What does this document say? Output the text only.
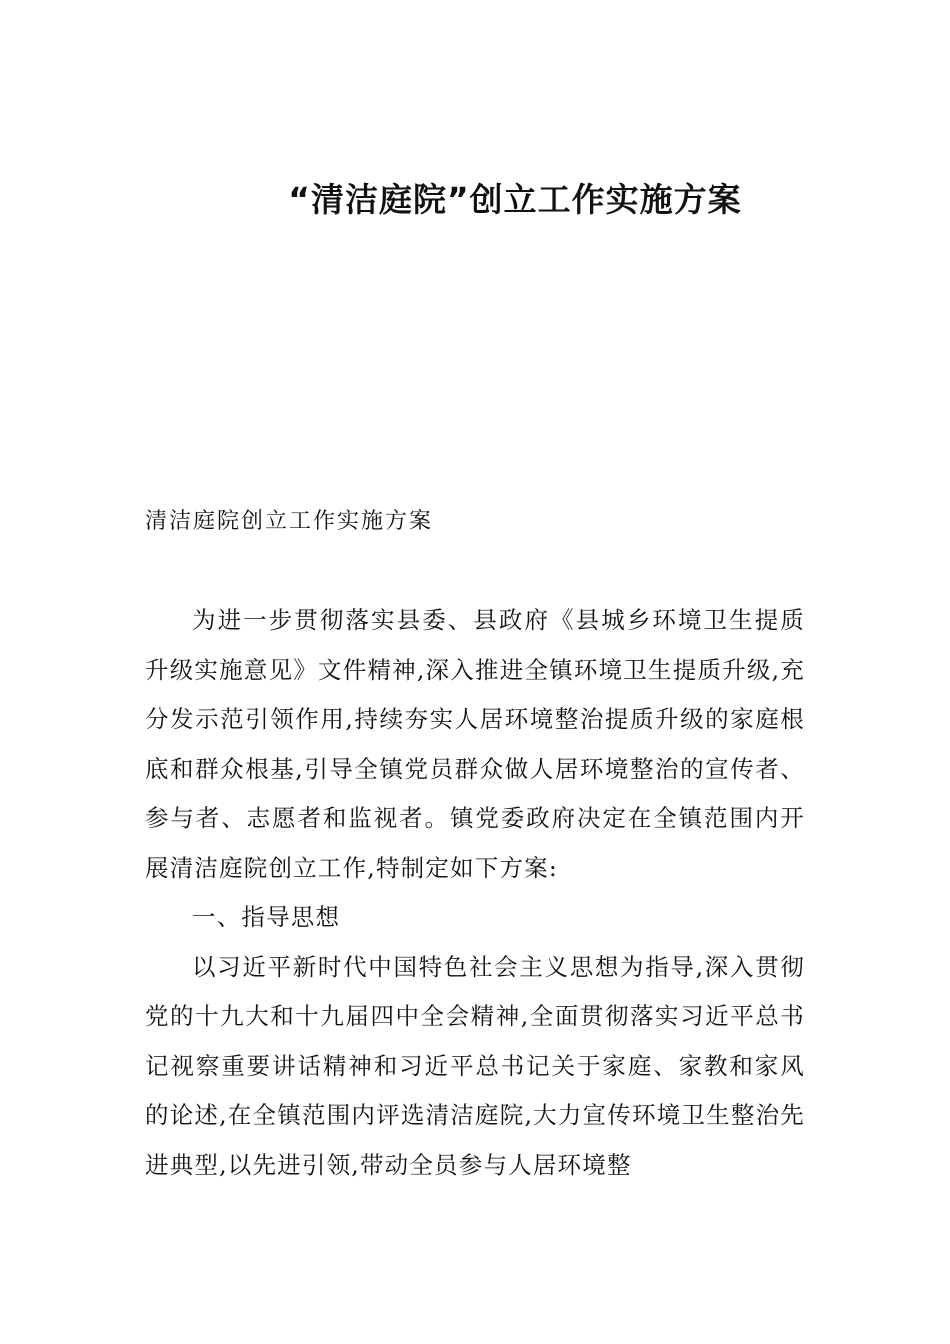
“清洁庭院”创立工作实施方案
清洁庭院创立工作实施方案

为进一步贯彻落实县委、县政府《县城乡环境卫生提质升级实施意见》文件精神,深入推进全镇环境卫生提质升级,充分发示范引领作用,持续夯实人居环境整治提质升级的家庭根底和群众根基,引导全镇党员群众做人居环境整治的宣传者、参与者、志愿者和监视者。镇党委政府决定在全镇范围内开展清洁庭院创立工作,特制定如下方案:

一、指导思想

以习近平新时代中国特色社会主义思想为指导,深入贯彻党的十九大和十九届四中全会精神,全面贯彻落实习近平总书记视察重要讲话精神和习近平总书记关于家庭、家教和家风的论述,在全镇范围内评选清洁庭院,大力宣传环境卫生整治先进典型,以先进引领,带动全员参与人居环境整
